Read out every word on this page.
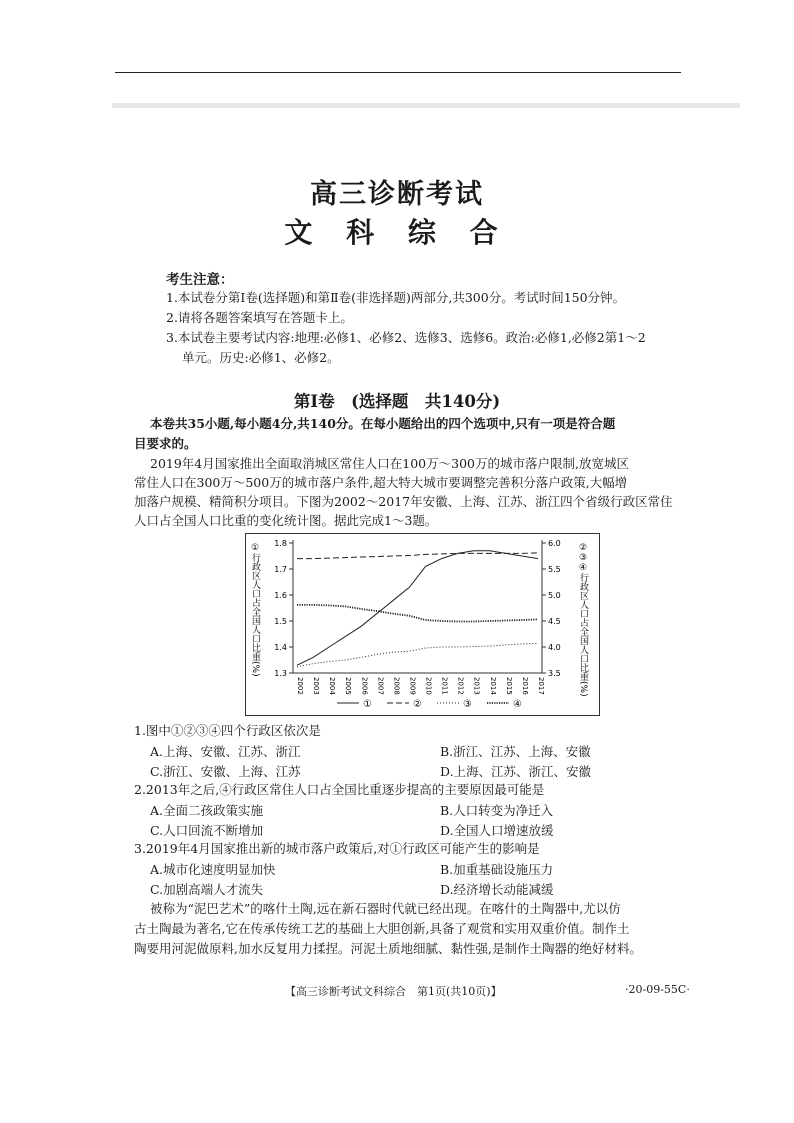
高三诊断考试
文 科 综 合
考生注意：
1.本试卷分第Ⅰ卷(选择题)和第Ⅱ卷(非选择题)两部分,共300分。考试时间150分钟。
2.请将各题答案填写在答题卡上。
3.本试卷主要考试内容:地理:必修1、必修2、选修3、选修6。政治:必修1,必修2第1～2
单元。历史:必修1、必修2。
第Ⅰ卷　(选择题　共140分)
本卷共35小题,每小题4分,共140分。在每小题给出的四个选项中,只有一项是符合题
目要求的。
2019年4月国家推出全面取消城区常住人口在100万～300万的城市落户限制,放宽城区
常住人口在300万～500万的城市落户条件,超大特大城市要调整完善积分落户政策,大幅增
加落户规模、精简积分项目。下图为2002～2017年安徽、上海、江苏、浙江四个省级行政区常住
人口占全国人口比重的变化统计图。据此完成1～3题。
1.3
1.4
1.5
1.6
1.7
1.8
3.5
4.0
4.5
5.0
5.5
6.0
2002 2003 2004 2005 2006 2007 2008 2009 2010 2011 2012 2013 2014 2015 2016 2017
①行政区人口占全国人口比重(%)	②③④行政区人口占全国人口比重(%)
①	②	③	④
1.图中①②③④四个行政区依次是
A.上海、安徽、江苏、浙江	B.浙江、江苏、上海、安徽
C.浙江、安徽、上海、江苏	D.上海、江苏、浙江、安徽
2.2013年之后,④行政区常住人口占全国比重逐步提高的主要原因最可能是
A.全面二孩政策实施	B.人口转变为净迁入
C.人口回流不断增加	D.全国人口增速放缓
3.2019年4月国家推出新的城市落户政策后,对①行政区可能产生的影响是
A.城市化速度明显加快	B.加重基础设施压力
C.加剧高端人才流失	D.经济增长动能减缓
被称为“泥巴艺术”的喀什土陶,远在新石器时代就已经出现。在喀什的土陶器中,尤以仿
古土陶最为著名,它在传承传统工艺的基础上大胆创新,具备了观赏和实用双重价值。制作土
陶要用河泥做原料,加水反复用力揉捏。河泥土质地细腻、黏性强,是制作土陶器的绝好材料。
【高三诊断考试文科综合　第1页(共10页)】	·20-09-55C·
